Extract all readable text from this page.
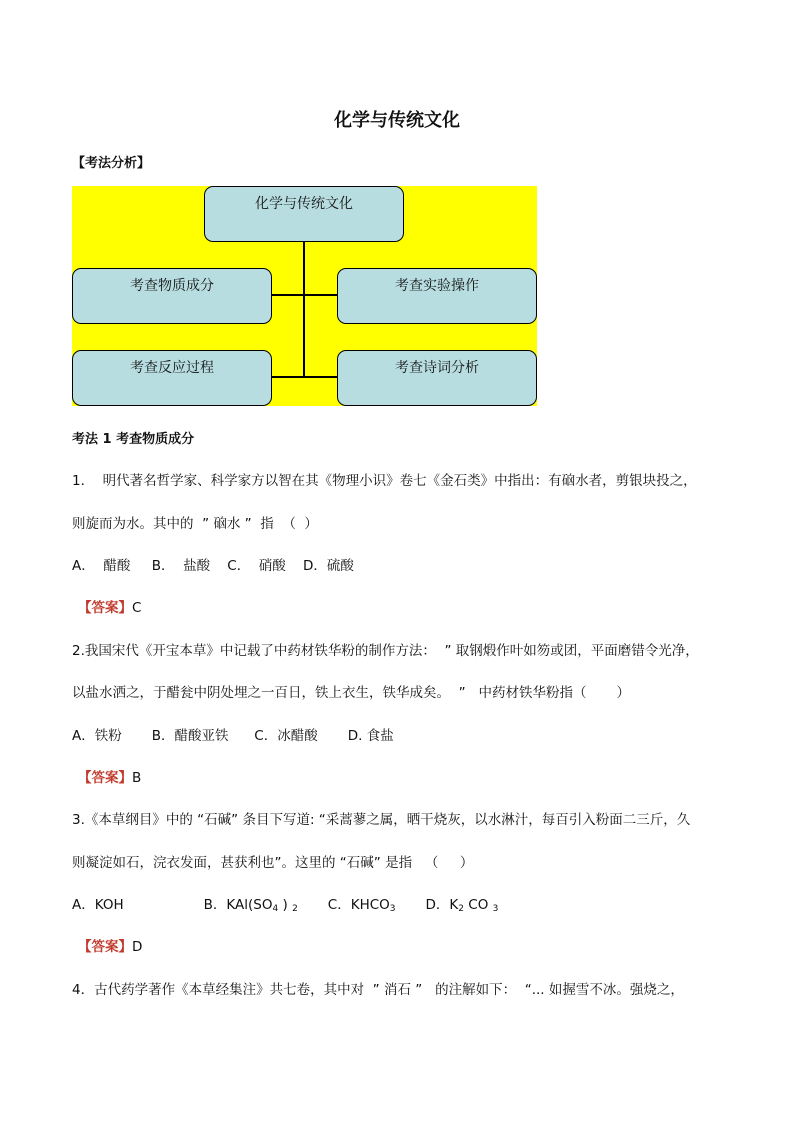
化学与传统文化
【考法分析】
化学与传统文化
考查物质成分	考查实验操作
考查反应过程	考查诗词分析
考法 1 考查物质成分
1．  明代著名哲学家、科学家方以智在其《物理小识》卷七《金石类》中指出：有硇水者，剪银块投之，
则旋而为水。其中的  ” 硇水 ”  指  （  ）
A．  醋酸     B．  盐酸    C．  硝酸    D．硫酸
【答案】C
2.我国宋代《开宝本草》中记载了中药材铁华粉的制作方法：  ” 取钢煅作叶如笏或团，平面磨错令光净，
以盐水洒之，于醋瓮中阴处埋之一百日，铁上衣生，铁华成矣。  ”   中药材铁华粉指（       ）
A．铁粉       B．醋酸亚铁      C．冰醋酸       D. 食盐
【答案】B
3.《本草纲目》中的 “石碱” 条目下写道: “采蒿蓼之属，晒干烧灰，以水淋汁，每百引入粉面二三斤，久
则凝淀如石，浣衣发面，甚获利也”。这里的 “石碱” 是指   （     ）
A．KOH	B．$KAl(SO_4$ ) $_2$ C．$KHCO_3$ D．$K_2$ CO $_3$
【答案】D
4．古代药学著作《本草经集注》共七卷，其中对  ” 消石 ”   的注解如下：  “... 如握雪不冰。强烧之，
